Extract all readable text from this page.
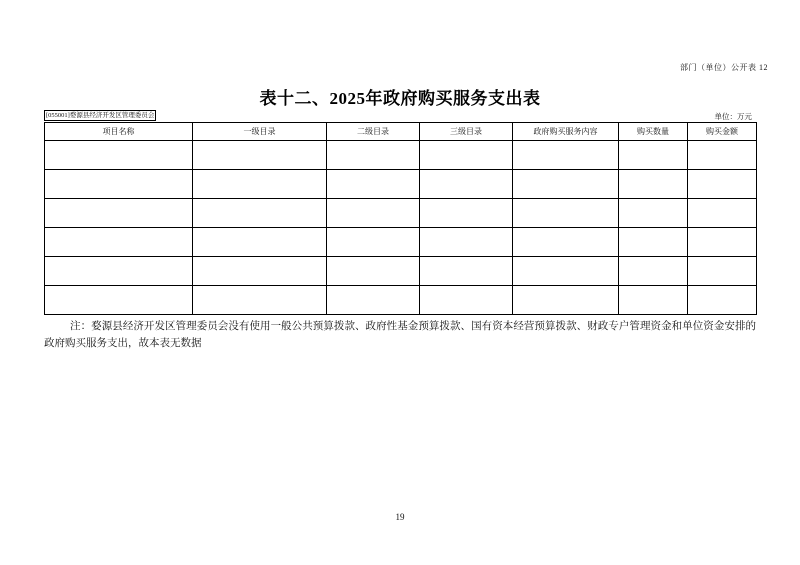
部门（单位）公开表 12
表十二、2025年政府购买服务支出表
[055001]婺源县经济开发区管理委员会	单位：万元
项目名称	一级目录	二级目录	三级目录	政府购买服务内容	购买数量	购买金额

注：婺源县经济开发区管理委员会没有使用一般公共预算拨款、政府性基金预算拨款、国有资本经营预算拨款、财政专户管理资金和单位资金安排的政府购买服务支出，故本表无数据
19
